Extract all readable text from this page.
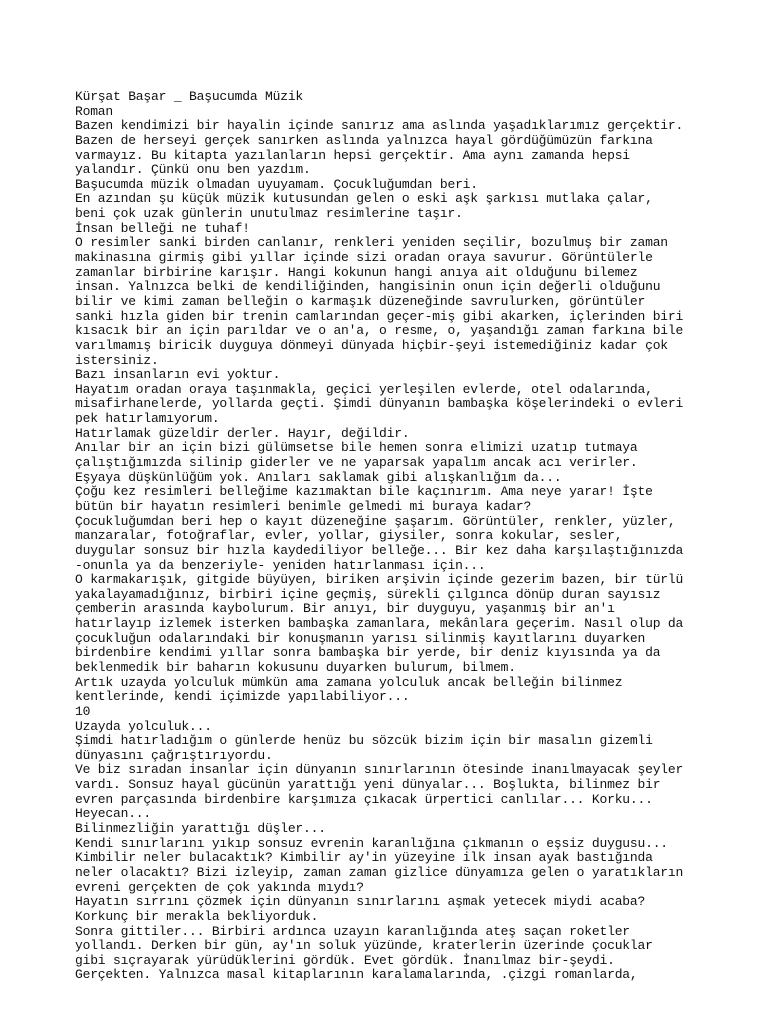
Kürşat Başar _ Başucumda Müzik
Roman
Bazen kendimizi bir hayalin içinde sanırız ama aslında yaşadıklarımız gerçektir.
Bazen de herseyi gerçek sanırken aslında yalnızca hayal gördüğümüzün farkına
varmayız. Bu kitapta yazılanların hepsi gerçektir. Ama aynı zamanda hepsi
yalandır. Çünkü onu ben yazdım.
Başucumda müzik olmadan uyuyamam. Çocukluğumdan beri.
En azından şu küçük müzik kutusundan gelen o eski aşk şarkısı mutlaka çalar,
beni çok uzak günlerin unutulmaz resimlerine taşır.
İnsan belleği ne tuhaf!
O resimler sanki birden canlanır, renkleri yeniden seçilir, bozulmuş bir zaman
makinasına girmiş gibi yıllar içinde sizi oradan oraya savurur. Görüntülerle
zamanlar birbirine karışır. Hangi kokunun hangi anıya ait olduğunu bilemez
insan. Yalnızca belki de kendiliğinden, hangisinin onun için değerli olduğunu
bilir ve kimi zaman belleğin o karmaşık düzeneğinde savrulurken, görüntüler
sanki hızla giden bir trenin camlarından geçer-miş gibi akarken, içlerinden biri
kısacık bir an için parıldar ve o an'a, o resme, o, yaşandığı zaman farkına bile
varılmamış biricik duyguya dönmeyi dünyada hiçbir-şeyi istemediğiniz kadar çok
istersiniz.
Bazı insanların evi yoktur.
Hayatım oradan oraya taşınmakla, geçici yerleşilen evlerde, otel odalarında,
misafirhanelerde, yollarda geçti. Şimdi dünyanın bambaşka köşelerindeki o evleri
pek hatırlamıyorum.
Hatırlamak güzeldir derler. Hayır, değildir.
Anılar bir an için bizi gülümsetse bile hemen sonra elimizi uzatıp tutmaya
çalıştığımızda silinip giderler ve ne yaparsak yapalım ancak acı verirler.
Eşyaya düşkünlüğüm yok. Anıları saklamak gibi alışkanlığım da...
Çoğu kez resimleri belleğime kazımaktan bile kaçınırım. Ama neye yarar! İşte
bütün bir hayatın resimleri benimle gelmedi mi buraya kadar?
Çocukluğumdan beri hep o kayıt düzeneğine şaşarım. Görüntüler, renkler, yüzler,
manzaralar, fotoğraflar, evler, yollar, giysiler, sonra kokular, sesler,
duygular sonsuz bir hızla kaydediliyor belleğe... Bir kez daha karşılaştığınızda
-onunla ya da benzeriyle- yeniden hatırlanması için...
O karmakarışık, gitgide büyüyen, biriken arşivin içinde gezerim bazen, bir türlü
yakalayamadığınız, birbiri içine geçmiş, sürekli çılgınca dönüp duran sayısız
çemberin arasında kaybolurum. Bir anıyı, bir duyguyu, yaşanmış bir an'ı
hatırlayıp izlemek isterken bambaşka zamanlara, mekânlara geçerim. Nasıl olup da
çocukluğun odalarındaki bir konuşmanın yarısı silinmiş kayıtlarını duyarken
birdenbire kendimi yıllar sonra bambaşka bir yerde, bir deniz kıyısında ya da
beklenmedik bir baharın kokusunu duyarken bulurum, bilmem.
Artık uzayda yolculuk mümkün ama zamana yolculuk ancak belleğin bilinmez
kentlerinde, kendi içimizde yapılabiliyor...
10
Uzayda yolculuk...
Şimdi hatırladığım o günlerde henüz bu sözcük bizim için bir masalın gizemli
dünyasını çağrıştırıyordu.
Ve biz sıradan insanlar için dünyanın sınırlarının ötesinde inanılmayacak şeyler
vardı. Sonsuz hayal gücünün yarattığı yeni dünyalar... Boşlukta, bilinmez bir
evren parçasında birdenbire karşımıza çıkacak ürpertici canlılar... Korku...
Heyecan...
Bilinmezliğin yarattığı düşler...
Kendi sınırlarını yıkıp sonsuz evrenin karanlığına çıkmanın o eşsiz duygusu...
Kimbilir neler bulacaktık? Kimbilir ay'in yüzeyine ilk insan ayak bastığında
neler olacaktı? Bizi izleyip, zaman zaman gizlice dünyamıza gelen o yaratıkların
evreni gerçekten de çok yakında mıydı?
Hayatın sırrını çözmek için dünyanın sınırlarını aşmak yetecek miydi acaba?
Korkunç bir merakla bekliyorduk.
Sonra gittiler... Birbiri ardınca uzayın karanlığında ateş saçan roketler
yollandı. Derken bir gün, ay'ın soluk yüzünde, kraterlerin üzerinde çocuklar
gibi sıçrayarak yürüdüklerini gördük. Evet gördük. İnanılmaz bir-şeydi.
Gerçekten. Yalnızca masal kitaplarının karalamalarında, .çizgi romanlarda,
